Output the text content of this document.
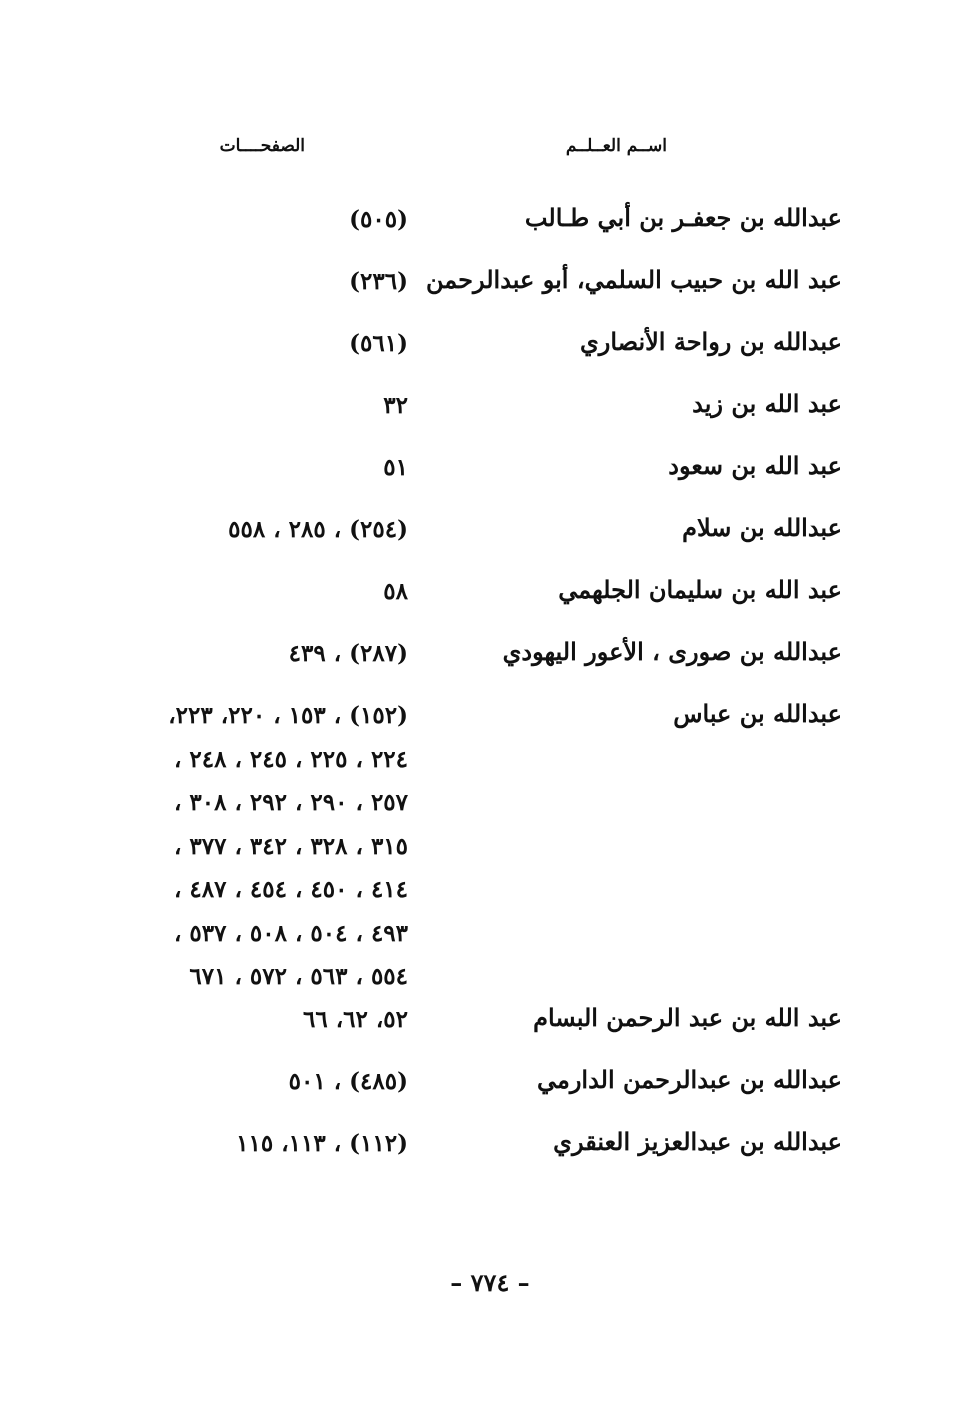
اســم العــلــم
الصفحــــات
عبدالله بن جعفـر بن أبي طـالب
(٥٠٥)
عبد الله بن حبيب السلمي، أبو عبدالرحمن
(٢٣٦)
عبدالله بن رواحة الأنصاري
(٥٦١)
عبد الله بن زيد
٣٢
عبد الله بن سعود
٥١
عبدالله بن سلام
(٢٥٤) ، ٢٨٥ ، ٥٥٨
عبد الله بن سليمان الجلهمي
٥٨
عبدالله بن صورى ، الأعور اليهودي
(٢٨٧) ، ٤٣٩
عبدالله بن عباس
(١٥٢) ، ١٥٣ ، ٢٢٠، ٢٢٣،
٢٢٤ ، ٢٢٥ ، ٢٤٥ ، ٢٤٨ ،
٢٥٧ ، ٢٩٠ ، ٢٩٢ ، ٣٠٨ ،
٣١٥ ، ٣٢٨ ، ٣٤٢ ، ٣٧٧ ،
٤١٤ ، ٤٥٠ ، ٤٥٤ ، ٤٨٧ ،
٤٩٣ ، ٥٠٤ ، ٥٠٨ ، ٥٣٧ ،
٥٥٤ ، ٥٦٣ ، ٥٧٢ ، ٦٧١
عبد الله بن عبد الرحمن البسام
٥٢، ٦٢، ٦٦
عبدالله بن عبدالرحمن الدارمي
(٤٨٥) ، ٥٠١
عبدالله بن عبدالعزيز العنقري
(١١٢) ، ١١٣، ١١٥
– ٧٧٤ –
